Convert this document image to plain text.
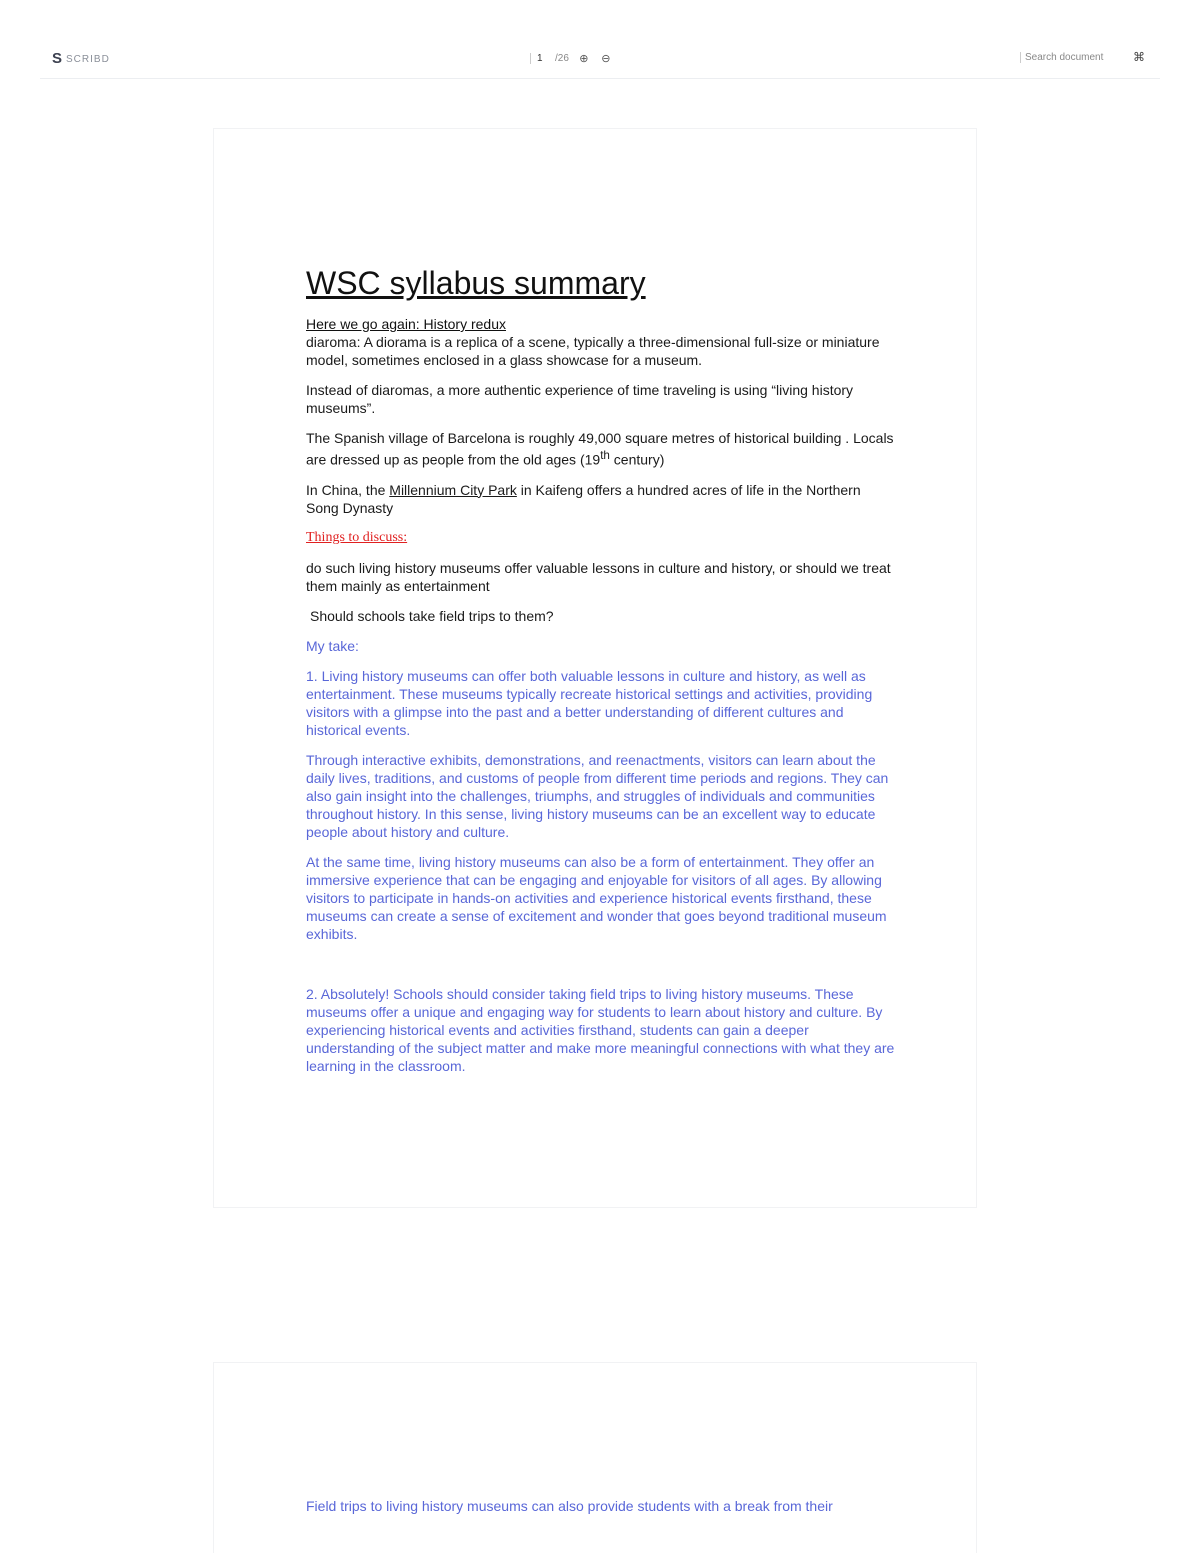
S SCRIBD	1	/26 ⊕ ⊖	Search document	⌘
WSC syllabus summary

Here we go again: History redux

diaroma: A diorama is a replica of a scene, typically a three-dimensional full-size or miniature model, sometimes enclosed in a glass showcase for a museum.

Instead of diaromas, a more authentic experience of time traveling is using “living history museums”.

The Spanish village of Barcelona is roughly 49,000 square metres of historical building . Locals are dressed up as people from the old ages (19th century)

In China, the Millennium City Park in Kaifeng offers a hundred acres of life in the Northern Song Dynasty

Things to discuss:

do such living history museums offer valuable lessons in culture and history, or should we treat them mainly as entertainment

Should schools take field trips to them?

My take:

1. Living history museums can offer both valuable lessons in culture and history, as well as entertainment. These museums typically recreate historical settings and activities, providing visitors with a glimpse into the past and a better understanding of different cultures and historical events.

Through interactive exhibits, demonstrations, and reenactments, visitors can learn about the daily lives, traditions, and customs of people from different time periods and regions. They can also gain insight into the challenges, triumphs, and struggles of individuals and communities throughout history. In this sense, living history museums can be an excellent way to educate people about history and culture.

At the same time, living history museums can also be a form of entertainment. They offer an immersive experience that can be engaging and enjoyable for visitors of all ages. By allowing visitors to participate in hands-on activities and experience historical events firsthand, these museums can create a sense of excitement and wonder that goes beyond traditional museum exhibits.

2. Absolutely! Schools should consider taking field trips to living history museums. These museums offer a unique and engaging way for students to learn about history and culture. By experiencing historical events and activities firsthand, students can gain a deeper understanding of the subject matter and make more meaningful connections with what they are learning in the classroom.

Field trips to living history museums can also provide students with a break from their
